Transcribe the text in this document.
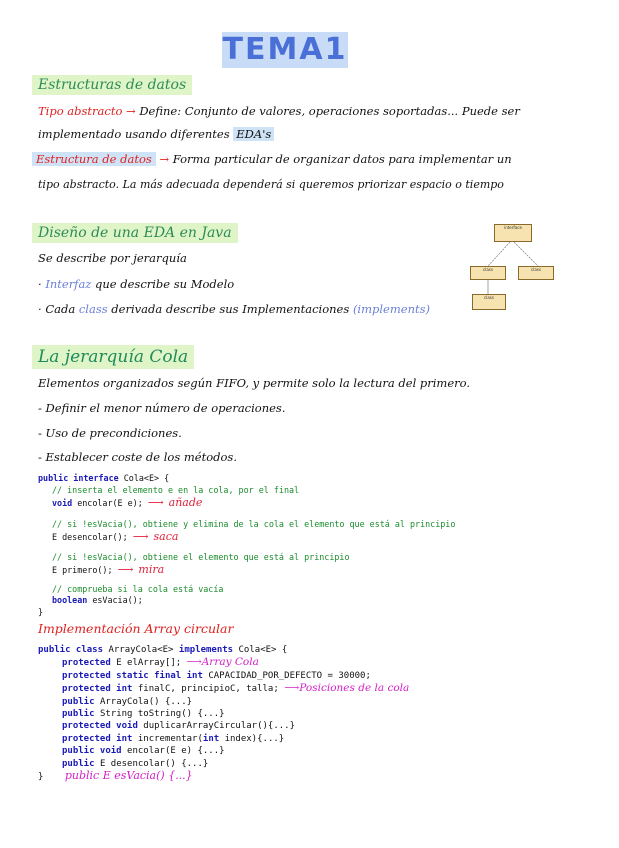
TEMA1
Estructuras de datos
Tipo abstracto → Define: Conjunto de valores, operaciones soportadas... Puede ser
implementado usando diferentes EDA's
Estructura de datos → Forma particular de organizar datos para implementar un
tipo abstracto. La más adecuada dependerá si queremos priorizar espacio o tiempo
Diseño de una EDA en Java
Se describe por jerarquía
· Interfaz que describe su Modelo
· Cada class derivada describe sus Implementaciones (implements)
interface
class	class
class
La jerarquía Cola
Elementos organizados según FIFO, y permite solo la lectura del primero.
- Definir el menor número de operaciones.
- Uso de precondiciones.
- Establecer coste de los métodos.
public interface Cola<E> {
// inserta el elemento e en la cola, por el final
void encolar(E e); ⟶ añade
// si !esVacia(), obtiene y elimina de la cola el elemento que está al principio
E desencolar(); ⟶ saca
// si !esVacia(), obtiene el elemento que está al principio
E primero(); ⟶ mira
// comprueba si la cola está vacía
boolean esVacia();
}
Implementación Array circular
public class ArrayCola<E> implements Cola<E> {
protected E elArray[]; ⟶Array Cola
protected static final int CAPACIDAD_POR_DEFECTO = 30000;
protected int finalC, principioC, talla; ⟶Posiciones de la cola
public ArrayCola() {...}
public String toString() {...}
protected void duplicarArrayCircular(){...}
protected int incrementar(int index){...}
public void encolar(E e) {...}
public E desencolar() {...}
} public E esVacia() {...}
